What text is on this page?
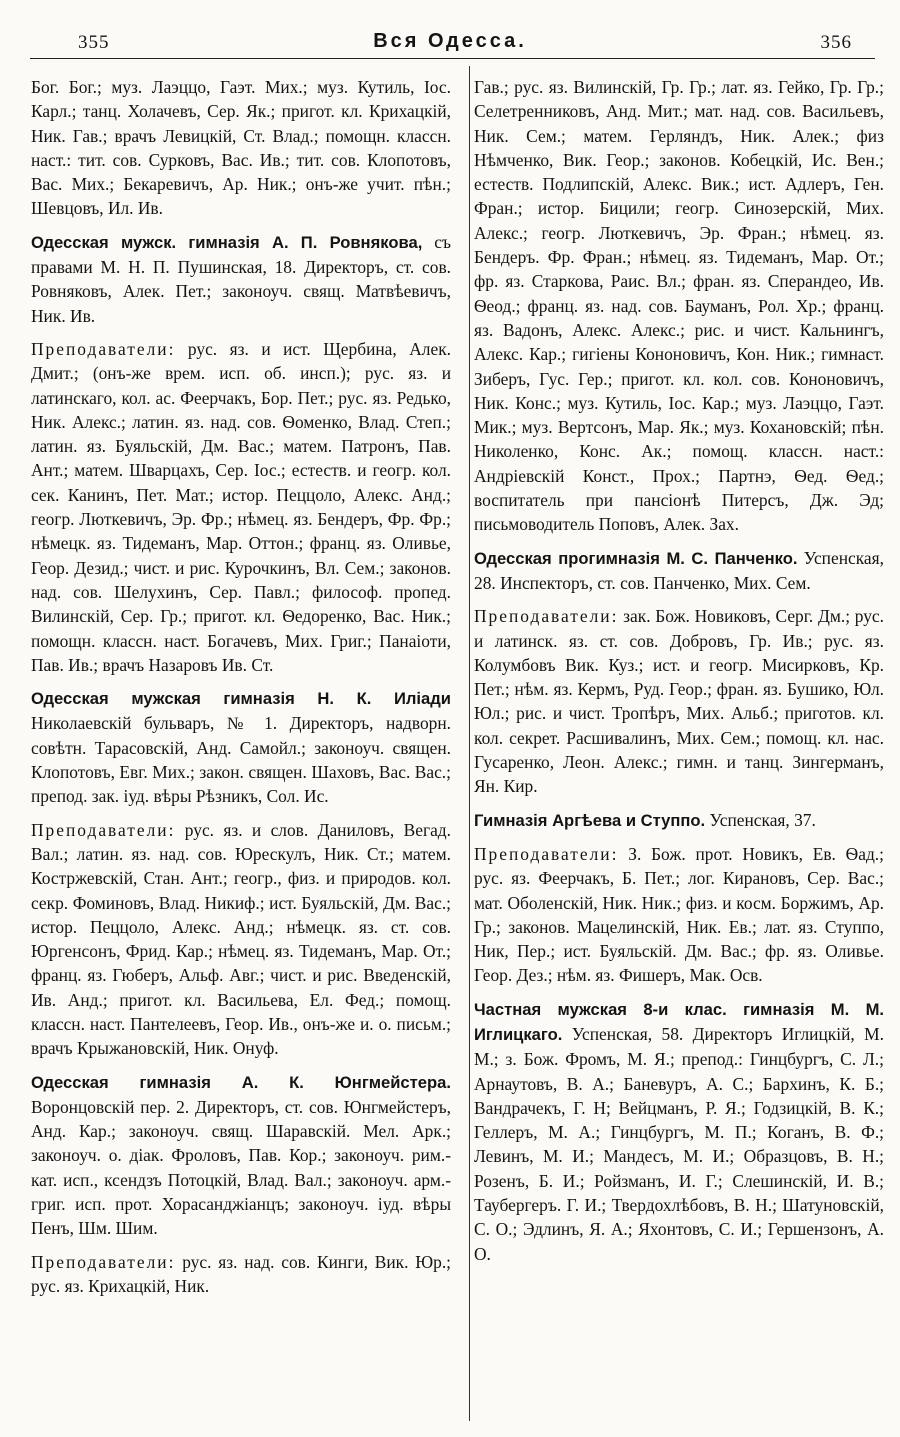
355	Вся Одесса.	356

Бог. Бог.; муз. Лаэццо, Гаэт. Мих.; муз. Кутиль, Іос. Карл.; танц. Холачевъ, Сер. Як.; пригот. кл. Крихацкій, Ник. Гав.; врачъ Левицкій, Ст. Влад.; помощн. классн. наст.: тит. сов. Сурковъ, Вас. Ив.; тит. сов. Клопотовъ, Вас. Мих.; Бекаревичъ, Ар. Ник.; онъ-же учит. пѣн.; Шевцовъ, Ил. Ив.

Одесская мужск. гимназія А. П. Ровнякова, съ правами М. Н. П. Пушинская, 18. Директоръ, ст. сов. Ровняковъ, Алек. Пет.; законоуч. свящ. Матвѣевичъ, Ник. Ив.

Преподаватели: рус. яз. и ист. Щербина, Алек. Дмит.; (онъ-же врем. исп. об. инсп.); рус. яз. и латинскаго, кол. ас. Феерчакъ, Бор. Пет.; рус. яз. Редько, Ник. Алекс.; латин. яз. над. сов. Ѳоменко, Влад. Степ.; латин. яз. Буяльскій, Дм. Вас.; матем. Патронъ, Пав. Ант.; матем. Шварцахъ, Сер. Іос.; естеств. и геогр. кол. сек. Канинъ, Пет. Мат.; истор. Пеццоло, Алекс. Анд.; геогр. Люткевичъ, Эр. Фр.; нѣмец. яз. Бендеръ, Фр. Фр.; нѣмецк. яз. Тидеманъ, Мар. Оттон.; франц. яз. Оливье, Геор. Дезид.; чист. и рис. Курочкинъ, Вл. Сем.; законов. над. сов. Шелухинъ, Сер. Павл.; философ. пропед. Вилинскій, Сер. Гр.; пригот. кл. Ѳедоренко, Вас. Ник.; помощн. классн. наст. Богачевъ, Мих. Григ.; Панаіоти, Пав. Ив.; врачъ Назаровъ Ив. Ст.

Одесская мужская гимназія Н. К. Иліади Николаевскій бульваръ, № 1. Директоръ, надворн. совѣтн. Тарасовскій, Анд. Самойл.; законоуч. священ. Клопотовъ, Евг. Мих.; закон. священ. Шаховъ, Вас. Вас.; препод. зак. іуд. вѣры Рѣзникъ, Сол. Ис.

Преподаватели: рус. яз. и слов. Даниловъ, Вегад. Вал.; латин. яз. над. сов. Юрескулъ, Ник. Ст.; матем. Костржевскій, Стан. Ант.; геогр., физ. и природов. кол. секр. Фоминовъ, Влад. Никиф.; ист. Буяльскій, Дм. Вас.; истор. Пеццоло, Алекс. Анд.; нѣмецк. яз. ст. сов. Юргенсонъ, Фрид. Кар.; нѣмец. яз. Тидеманъ, Мар. От.; франц. яз. Гюберъ, Альф. Авг.; чист. и рис. Введенскій, Ив. Анд.; пригот. кл. Васильева, Ел. Фед.; помощ. классн. наст. Пантелеевъ, Геор. Ив., онъ-же и. о. письм.; врачъ Крыжановскій, Ник. Онуф.

Одесская гимназія А. К. Юнгмейстера. Воронцовскій пер. 2. Директоръ, ст. сов. Юнгмейстеръ, Анд. Кар.; законоуч. свящ. Шаравскій. Мел. Арк.; законоуч. о. діак. Фроловъ, Пав. Кор.; законоуч. рим.-кат. исп., ксендзъ Потоцкій, Влад. Вал.; законоуч. арм.-григ. исп. прот. Хорасанджіанцъ; законоуч. іуд. вѣры Пенъ, Шм. Шим.

Преподаватели: рус. яз. над. сов. Кинги, Вик. Юр.; рус. яз. Крихацкій, Ник.

Гав.; рус. яз. Вилинскій, Гр. Гр.; лат. яз. Гейко, Гр. Гр.; Селетренниковъ, Анд. Мит.; мат. над. сов. Васильевъ, Ник. Сем.; матем. Герляндъ, Ник. Алек.; физ Нѣмченко, Вик. Геор.; законов. Кобецкій, Ис. Вен.; естеств. Подлипскій, Алекс. Вик.; ист. Адлеръ, Ген. Фран.; истор. Бицили; геогр. Синозерскій, Мих. Алекс.; геогр. Люткевичъ, Эр. Фран.; нѣмец. яз. Бендеръ. Фр. Фран.; нѣмец. яз. Тидеманъ, Мар. От.; фр. яз. Старкова, Раис. Вл.; фран. яз. Сперандео, Ив. Ѳеод.; франц. яз. над. сов. Бауманъ, Рол. Хр.; франц. яз. Вадонъ, Алекс. Алекс.; рис. и чист. Кальнингъ, Алекс. Кар.; гигіены Кононовичъ, Кон. Ник.; гимнаст. Зиберъ, Гус. Гер.; пригот. кл. кол. сов. Кононовичъ, Ник. Конс.; муз. Кутиль, Іос. Кар.; муз. Лаэццо, Гаэт. Мик.; муз. Вертсонъ, Мар. Як.; муз. Кохановскій; пѣн. Николенко, Конс. Ак.; помощ. классн. наст.: Андріевскій Конст., Прох.; Партнэ, Ѳед. Ѳед.; воспитатель при пансіонѣ Питерсъ, Дж. Эд; письмоводитель Поповъ, Алек. Зах.

Одесская прогимназія М. С. Панченко. Успенская, 28. Инспекторъ, ст. сов. Панченко, Мих. Сем.

Преподаватели: зак. Бож. Новиковъ, Серг. Дм.; рус. и латинск. яз. ст. сов. Добровъ, Гр. Ив.; рус. яз. Колумбовъ Вик. Куз.; ист. и геогр. Мисирковъ, Кр. Пет.; нѣм. яз. Кермъ, Руд. Геор.; фран. яз. Бушико, Юл. Юл.; рис. и чист. Тропѣръ, Мих. Альб.; приготов. кл. кол. секрет. Расшивалинъ, Мих. Сем.; помощ. кл. нас. Гусаренко, Леон. Алекс.; гимн. и танц. Зингерманъ, Ян. Кир.

Гимназія Аргѣева и Ступпо. Успенская, 37.

Преподаватели: З. Бож. прот. Новикъ, Ев. Ѳад.; рус. яз. Феерчакъ, Б. Пет.; лог. Кирановъ, Сер. Вас.; мат. Оболенскій, Ник. Ник.; физ. и косм. Боржимъ, Ар. Гр.; законов. Мацелинскій, Ник. Ев.; лат. яз. Ступпо, Ник, Пер.; ист. Буяльскій. Дм. Вас.; фр. яз. Оливье. Геор. Дез.; нѣм. яз. Фишеръ, Мак. Осв.

Частная мужская 8-и клас. гимназія М. М. Иглицкаго. Успенская, 58. Директоръ Иглицкій, М. М.; з. Бож. Фромъ, М. Я.; препод.: Гинцбургъ, С. Л.; Арнаутовъ, В. А.; Баневуръ, А. С.; Бархинъ, К. Б.; Вандрачекъ, Г. Н; Вейцманъ, Р. Я.; Годзицкій, В. К.; Геллеръ, М. А.; Гинцбургъ, М. П.; Коганъ, В. Ф.; Левинъ, М. И.; Мандесъ, М. И.; Образцовъ, В. Н.; Розенъ, Б. И.; Ройзманъ, И. Г.; Слешинскій, И. В.; Таубергеръ. Г. И.; Твердохлѣбовъ, В. Н.; Шатуновскій, С. О.; Эдлинъ, Я. А.; Яхонтовъ, С. И.; Гершензонъ, А. О.
